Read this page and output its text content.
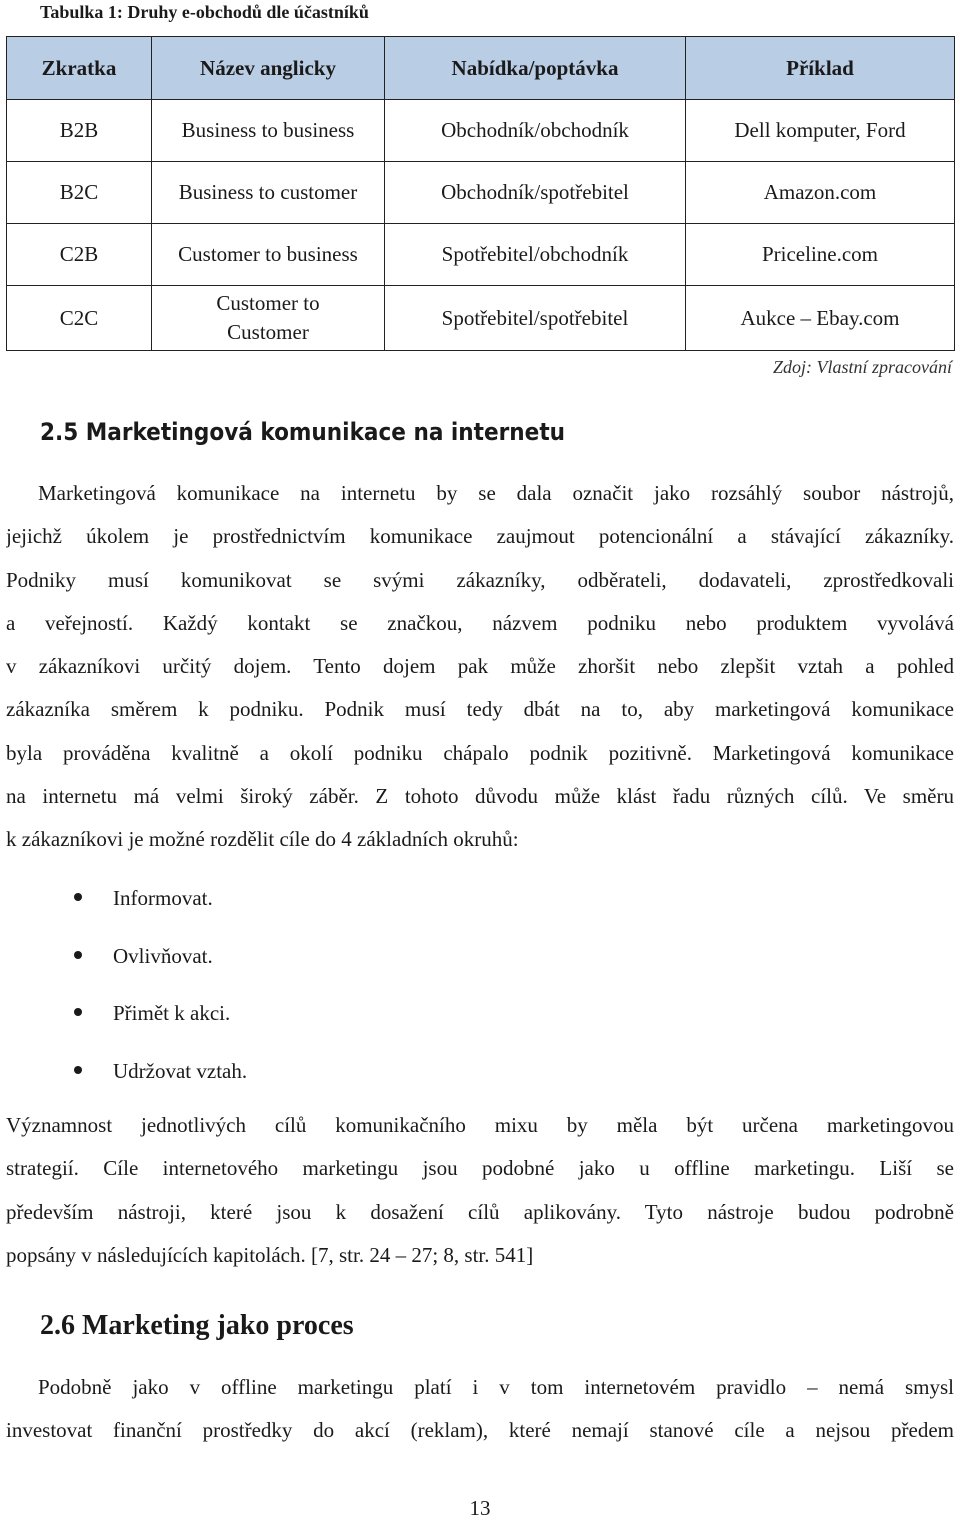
Tabulka 1: Druhy e-obchodů dle účastníků
Zkratka	Název anglicky	Nabídka/poptávka	Příklad
B2B	Business to business	Obchodník/obchodník	Dell komputer, Ford
B2C	Business to customer	Obchodník/spotřebitel	Amazon.com
C2B	Customer to business	Spotřebitel/obchodník	Priceline.com
C2C	Customer to Customer	Spotřebitel/spotřebitel	Aukce – Ebay.com
Zdoj: Vlastní zpracování
2.5 Marketingová komunikace na internetu
Marketingová komunikace na internetu by se dala označit jako rozsáhlý soubor nástrojů,
jejichž úkolem je prostřednictvím komunikace zaujmout potencionální a stávající zákazníky.
Podniky musí komunikovat se svými zákazníky, odběrateli, dodavateli, zprostředkovali
a veřejností. Každý kontakt se značkou, názvem podniku nebo produktem vyvolává
v zákazníkovi určitý dojem. Tento dojem pak může zhoršit nebo zlepšit vztah a pohled
zákazníka směrem k podniku. Podnik musí tedy dbát na to, aby marketingová komunikace
byla prováděna kvalitně a okolí podniku chápalo podnik pozitivně. Marketingová komunikace
na internetu má velmi široký záběr. Z tohoto důvodu může klást řadu různých cílů. Ve směru
k zákazníkovi je možné rozdělit cíle do 4 základních okruhů:
Informovat.
Ovlivňovat.
Přimět k akci.
Udržovat vztah.
Významnost jednotlivých cílů komunikačního mixu by měla být určena marketingovou
strategií. Cíle internetového marketingu jsou podobné jako u offline marketingu. Liší se
především nástroji, které jsou k dosažení cílů aplikovány. Tyto nástroje budou podrobně
popsány v následujících kapitolách. [7, str. 24 – 27; 8, str. 541]
2.6 Marketing jako proces
Podobně jako v offline marketingu platí i v tom internetovém pravidlo – nemá smysl
investovat finanční prostředky do akcí (reklam), které nemají stanové cíle a nejsou předem
13
